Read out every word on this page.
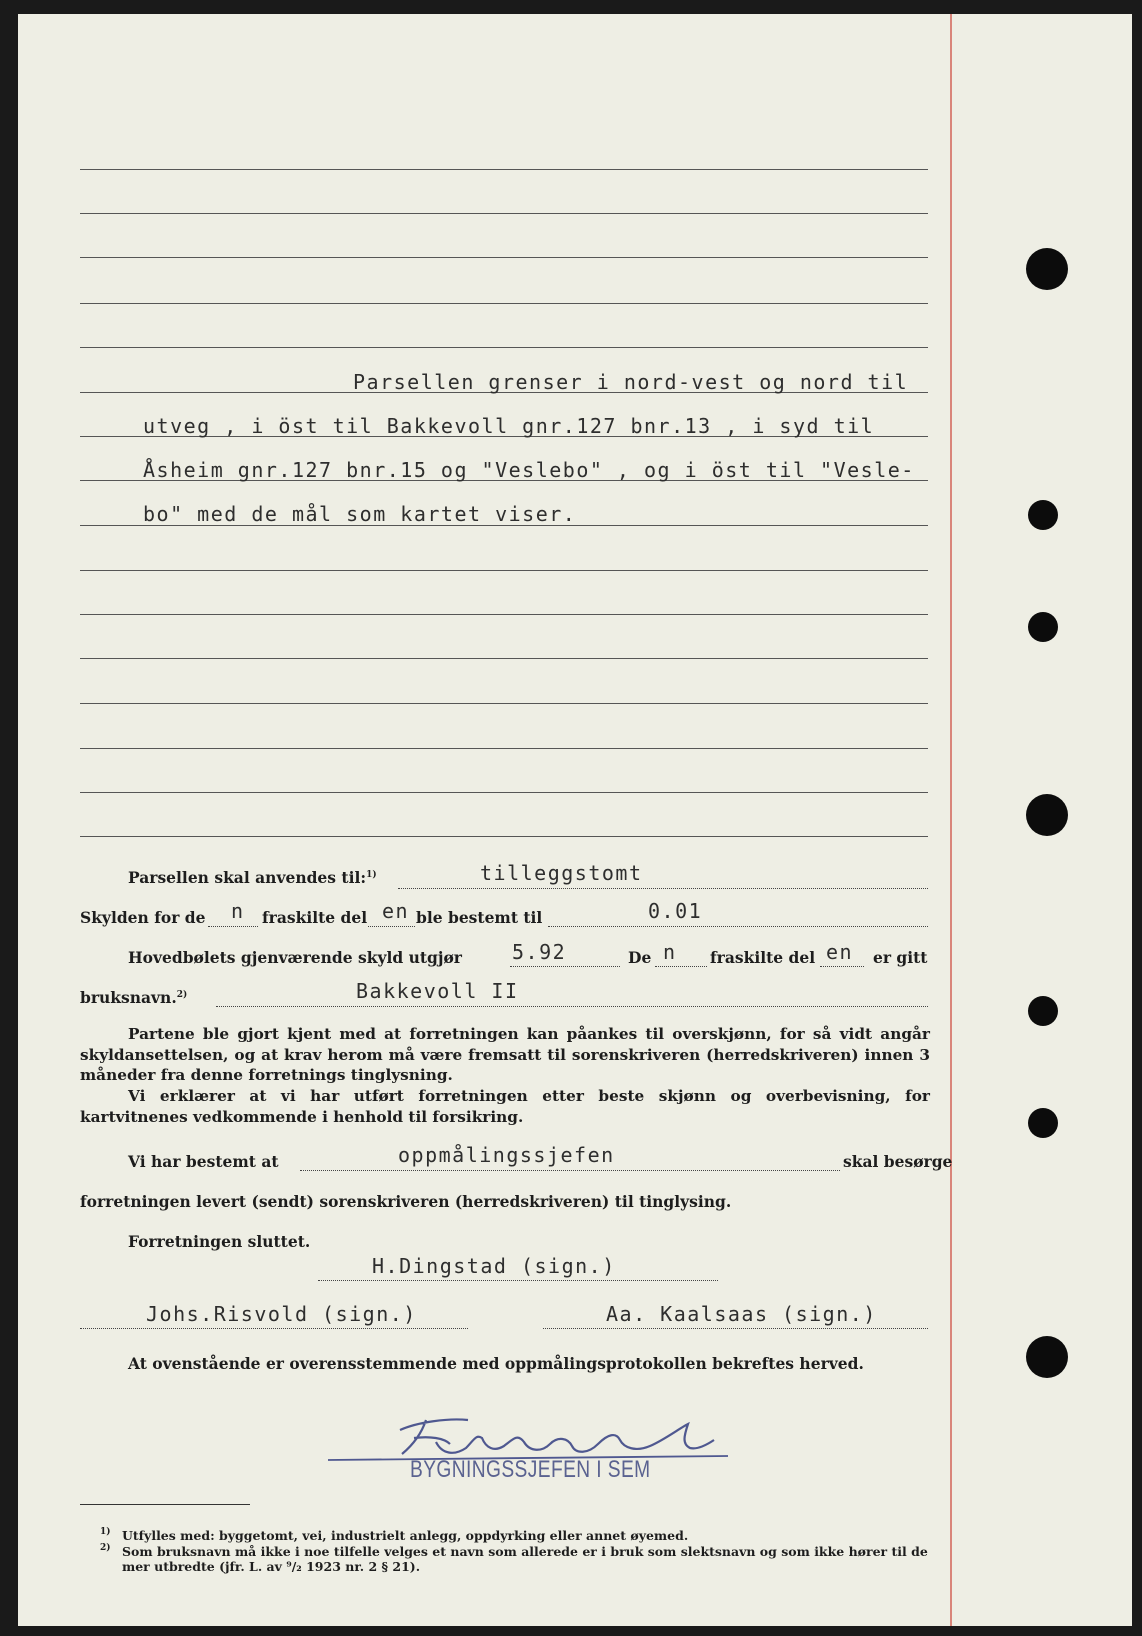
Parsellen grenser i nord-vest og nord til
utveg , i öst til Bakkevoll gnr.127 bnr.13 , i syd til
Åsheim gnr.127 bnr.15 og "Veslebo" , og i öst til "Vesle-
bo" med de mål som kartet viser.
Parsellen skal anvendes til:$^{1)}$	tilleggstomt
Skylden for de n fraskilte del en ble bestemt til	0.01
Hovedbølets gjenværende skyld utgjør	5.92	De n fraskilte del en er gitt
bruksnavn.$^{2)}$	Bakkevoll II
Partene ble gjort kjent med at forretningen kan påankes til overskjønn, for så vidt angår skyldansettelsen, og at krav herom må være fremsatt til sorenskriveren (herredskriveren) innen 3 måneder fra denne forretnings tinglysning.
Vi erklærer at vi har utført forretningen etter beste skjønn og overbevisning, for kartvitnenes vedkommende i henhold til forsikring.
Vi har bestemt at	oppmålingssjefen	skal besørge
forretningen levert (sendt) sorenskriveren (herredskriveren) til tinglysing.
Forretningen sluttet.
H.Dingstad (sign.)
Johs.Risvold (sign.)	Aa. Kaalsaas (sign.)
At ovenstående er overensstemmende med oppmålingsprotokollen bekreftes herved.
BYGNINGSSJEFEN I SEM
1) Utfylles med: byggetomt, vei, industrielt anlegg, oppdyrking eller annet øyemed.
2) Som bruksnavn må ikke i noe tilfelle velges et navn som allerede er i bruk som slektsnavn og som ikke hører til de mer utbredte (jfr. L. av ⁹/₂ 1923 nr. 2 § 21).
